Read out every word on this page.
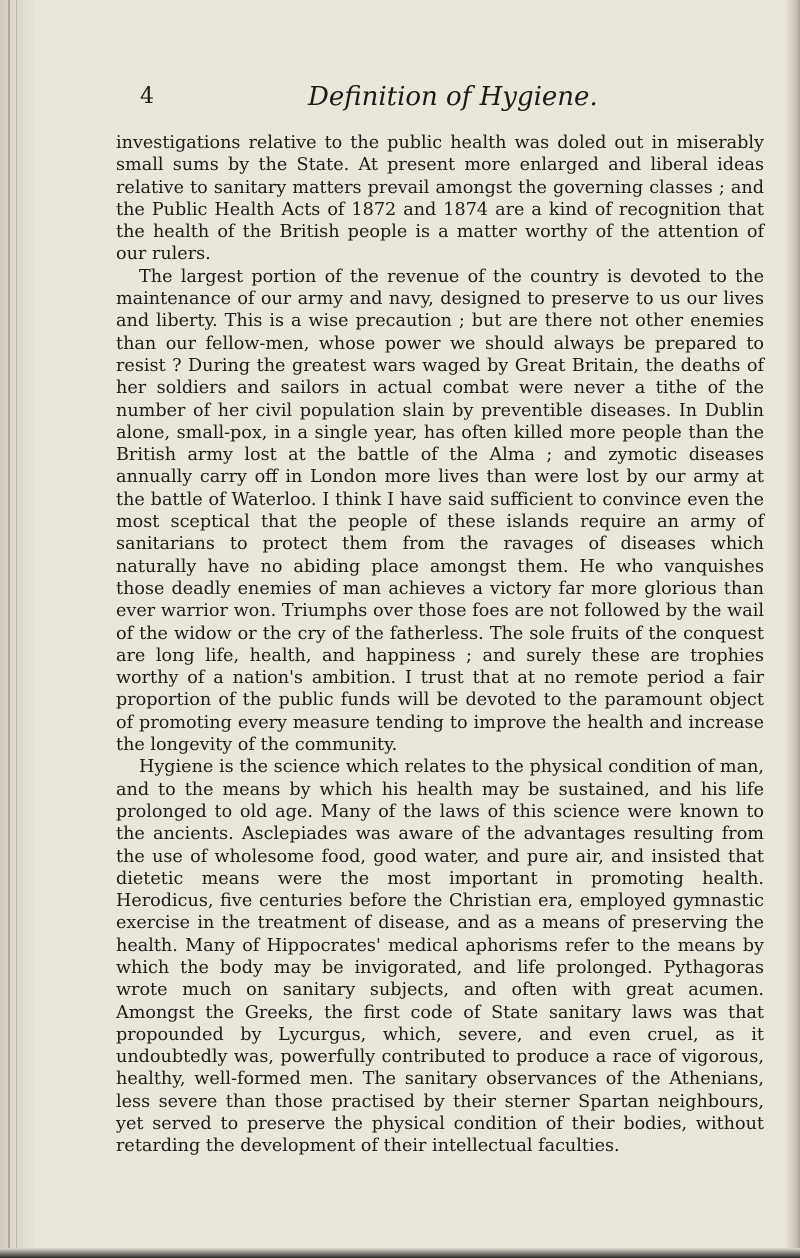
4	Definition of Hygiene.

investigations relative to the public health was doled out in miserably small sums by the State. At present more enlarged and liberal ideas relative to sanitary matters prevail amongst the governing classes ; and the Public Health Acts of 1872 and 1874 are a kind of recognition that the health of the British people is a matter worthy of the attention of our rulers.

The largest portion of the revenue of the country is devoted to the maintenance of our army and navy, designed to preserve to us our lives and liberty. This is a wise precaution ; but are there not other enemies than our fellow-men, whose power we should always be prepared to resist ? During the greatest wars waged by Great Britain, the deaths of her soldiers and sailors in actual combat were never a tithe of the number of her civil population slain by preventible diseases. In Dublin alone, small-pox, in a single year, has often killed more people than the British army lost at the battle of the Alma ; and zymotic diseases annually carry off in London more lives than were lost by our army at the battle of Waterloo. I think I have said sufficient to convince even the most sceptical that the people of these islands require an army of sanitarians to protect them from the ravages of diseases which naturally have no abiding place amongst them. He who vanquishes those deadly enemies of man achieves a victory far more glorious than ever warrior won. Triumphs over those foes are not followed by the wail of the widow or the cry of the fatherless. The sole fruits of the conquest are long life, health, and happiness ; and surely these are trophies worthy of a nation's ambition. I trust that at no remote period a fair proportion of the public funds will be devoted to the paramount object of promoting every measure tending to improve the health and increase the longevity of the community.

Hygiene is the science which relates to the physical condition of man, and to the means by which his health may be sustained, and his life prolonged to old age. Many of the laws of this science were known to the ancients. Asclepiades was aware of the advantages resulting from the use of wholesome food, good water, and pure air, and insisted that dietetic means were the most important in promoting health. Herodicus, five centuries before the Christian era, employed gymnastic exercise in the treatment of disease, and as a means of preserving the health. Many of Hippocrates' medical aphorisms refer to the means by which the body may be invigorated, and life prolonged. Pythagoras wrote much on sanitary subjects, and often with great acumen. Amongst the Greeks, the first code of State sanitary laws was that propounded by Lycurgus, which, severe, and even cruel, as it undoubtedly was, powerfully contributed to produce a race of vigorous, healthy, well-formed men. The sanitary observances of the Athenians, less severe than those practised by their sterner Spartan neighbours, yet served to preserve the physical condition of their bodies, without retarding the development of their intellectual faculties.
